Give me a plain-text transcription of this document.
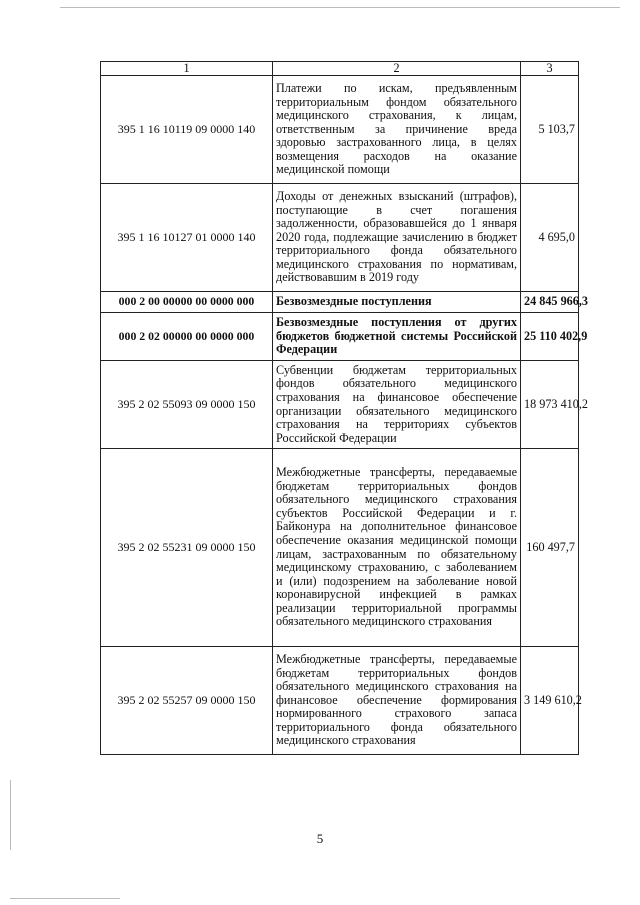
1	2	3
395 1 16 10119 09 0000 140	Платежи по искам, предъявленным территориальным фондом обязательного медицинского страхования, к лицам, ответственным за причинение вреда здоровью застрахованного лица, в целях возмещения расходов на оказание медицинской помощи	5 103,7
395 1 16 10127 01 0000 140	Доходы от денежных взысканий (штрафов), поступающие в счет погашения задолженности, образовавшейся до 1 января 2020 года, подлежащие зачислению в бюджет территориального фонда обязательного медицинского страхования по нормативам, действовавшим в 2019 году	4 695,0
000 2 00 00000 00 0000 000	Безвозмездные поступления	24 845 966,3
000 2 02 00000 00 0000 000	Безвозмездные поступления от других бюджетов бюджетной системы Российской Федерации	25 110 402,9
395 2 02 55093 09 0000 150	Субвенции бюджетам территориальных фондов обязательного медицинского страхования на финансовое обеспечение организации обязательного медицинского страхования на территориях субъектов Российской Федерации	18 973 410,2
395 2 02 55231 09 0000 150	Межбюджетные трансферты, передаваемые бюджетам территориальных фондов обязательного медицинского страхования субъектов Российской Федерации и г. Байконура на дополнительное финансовое обеспечение оказания медицинской помощи лицам, застрахованным по обязательному медицинскому страхованию, с заболеванием и (или) подозрением на заболевание новой коронавирусной инфекцией в рамках реализации территориальной программы обязательного медицинского страхования	160 497,7
395 2 02 55257 09 0000 150	Межбюджетные трансферты, передаваемые бюджетам территориальных фондов обязательного медицинского страхования на финансовое обеспечение формирования нормированного страхового запаса территориального фонда обязательного медицинского страхования	3 149 610,2
5
